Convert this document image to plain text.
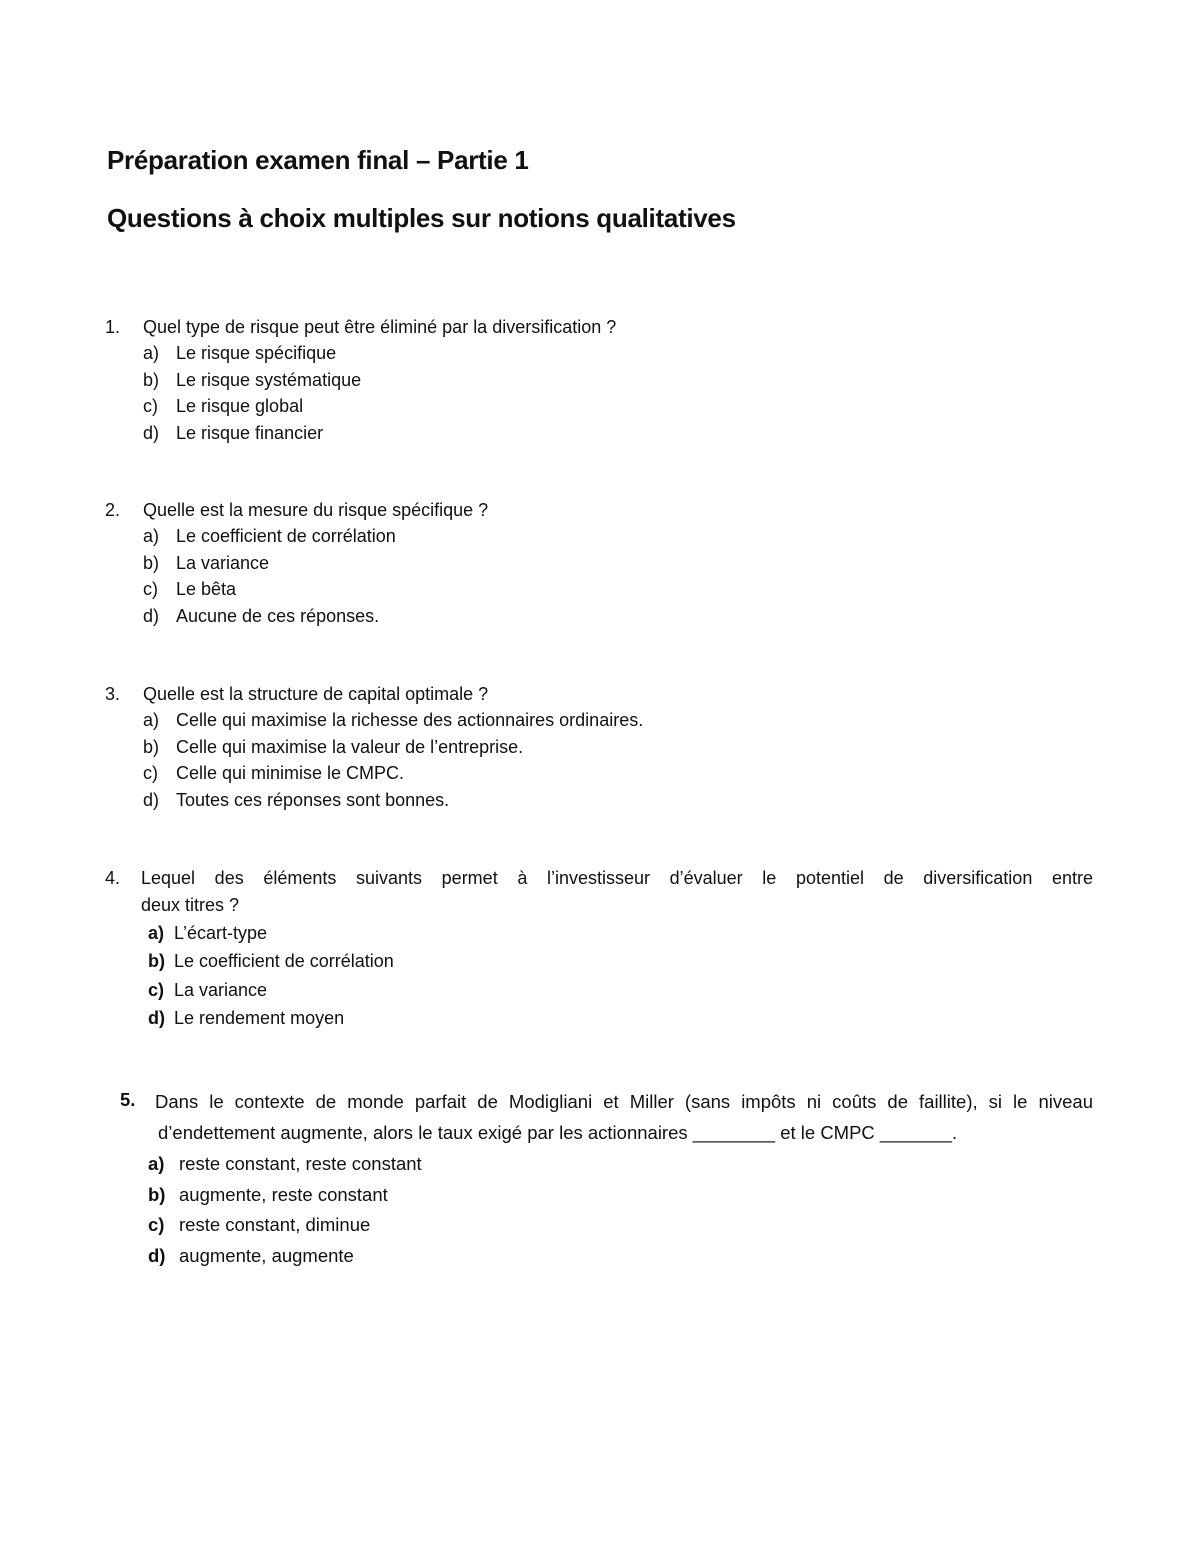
Préparation examen final – Partie 1
Questions à choix multiples sur notions qualitatives
1. Quel type de risque peut être éliminé par la diversification ?
a) Le risque spécifique
b) Le risque systématique
c) Le risque global
d) Le risque financier
2. Quelle est la mesure du risque spécifique ?
a) Le coefficient de corrélation
b) La variance
c) Le bêta
d) Aucune de ces réponses.
3. Quelle est la structure de capital optimale ?
a) Celle qui maximise la richesse des actionnaires ordinaires.
b) Celle qui maximise la valeur de l’entreprise.
c) Celle qui minimise le CMPC.
d) Toutes ces réponses sont bonnes.
4. Lequel des éléments suivants permet à l’investisseur d’évaluer le potentiel de diversification entre
deux titres ?
a) L’écart-type
b) Le coefficient de corrélation
c) La variance
d) Le rendement moyen
5. Dans le contexte de monde parfait de Modigliani et Miller (sans impôts ni coûts de faillite), si le niveau
d’endettement augmente, alors le taux exigé par les actionnaires ________ et le CMPC _______.
a) reste constant, reste constant
b) augmente, reste constant
c) reste constant, diminue
d) augmente, augmente
